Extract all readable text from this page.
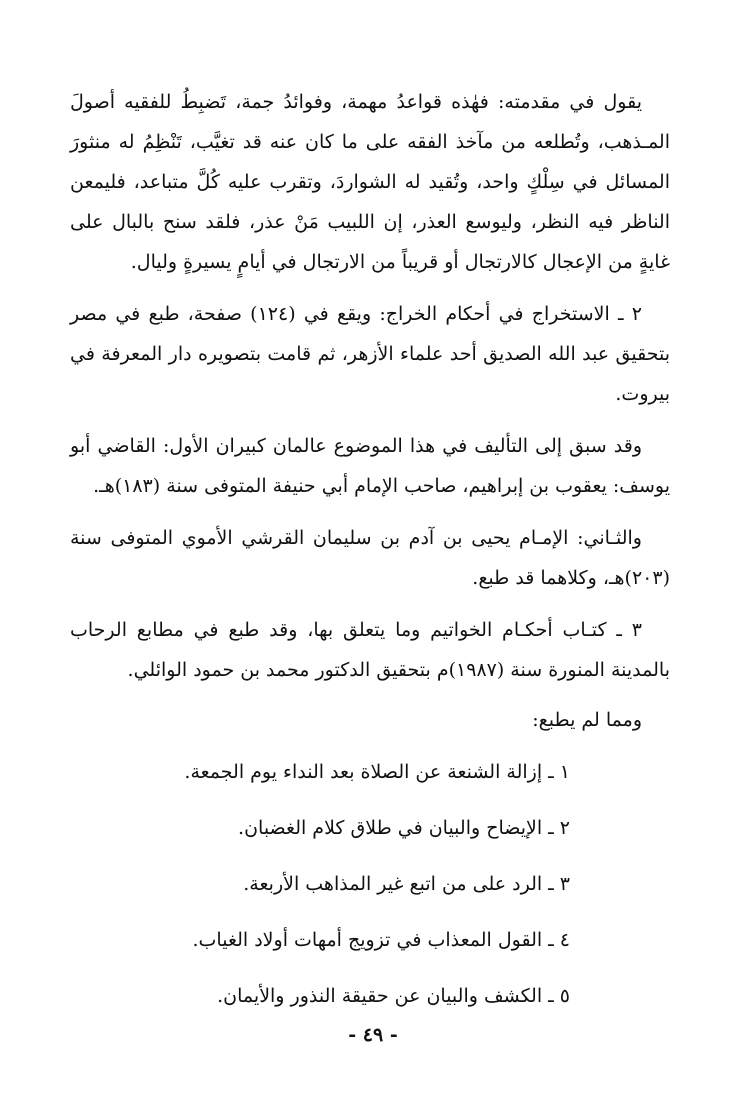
يقول في مقدمته: فهٰذه قواعدُ مهمة، وفوائدُ جمة، تَضبِطُ للفقيه أصولَ المـذهب، وتُطلعه من مآخذ الفقه على ما كان عنه قد تغيَّب، تَنْظِمُ له منثورَ المسائل في سِلْكٍ واحد، وتُقيد له الشواردَ، وتقرب عليه كُلَّ متباعد، فليمعن الناظر فيه النظر، وليوسع العذر، إن اللبيب مَنْ عذر، فلقد سنح بالبال على غايةٍ من الإعجال كالارتجال أو قريباً من الارتجال في أيامٍ يسيرةٍ وليال.

٢ ـ الاستخراج في أحكام الخراج: ويقع في (١٢٤) صفحة، طبع في مصر بتحقيق عبد الله الصديق أحد علماء الأزهر، ثم قامت بتصويره دار المعرفة في بيروت.

وقد سبق إلى التأليف في هذا الموضوع عالمان كبيران الأول: القاضي أبو يوسف: يعقوب بن إبراهيم، صاحب الإمام أبي حنيفة المتوفى سنة (١٨٣)هـ.

والثـاني: الإمـام يحيى بن آدم بن سليمان القرشي الأموي المتوفى سنة (٢٠٣)هـ، وكلاهما قد طبع.

٣ ـ كتـاب أحكـام الخواتيم وما يتعلق بها، وقد طبع في مطابع الرحاب بالمدينة المنورة سنة (١٩٨٧)م بتحقيق الدكتور محمد بن حمود الوائلي.

ومما لم يطبع:
١ ـ إزالة الشنعة عن الصلاة بعد النداء يوم الجمعة.
٢ ـ الإيضاح والبيان في طلاق كلام الغضبان.
٣ ـ الرد على من اتبع غير المذاهب الأربعة.
٤ ـ القول المعذاب في تزويج أمهات أولاد الغياب.
٥ ـ الكشف والبيان عن حقيقة النذور والأيمان.
- ٤٩ -
